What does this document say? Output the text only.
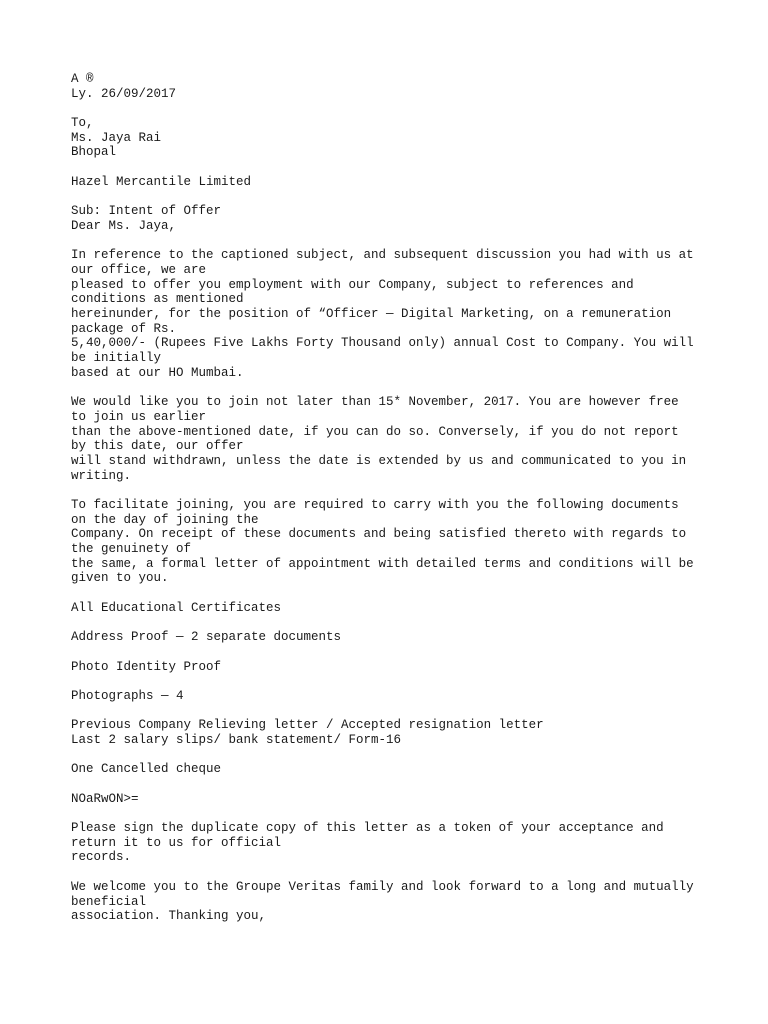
A ®
Ly. 26/09/2017
To,
Ms. Jaya Rai
Bhopal
Hazel Mercantile Limited
Sub: Intent of Offer
Dear Ms. Jaya,
In reference to the captioned subject, and subsequent discussion you had with us at
our office, we are
pleased to offer you employment with our Company, subject to references and
conditions as mentioned
hereinunder, for the position of “Officer — Digital Marketing, on a remuneration
package of Rs.
5,40,000/- (Rupees Five Lakhs Forty Thousand only) annual Cost to Company. You will
be initially
based at our HO Mumbai.
We would like you to join not later than 15* November, 2017. You are however free
to join us earlier
than the above-mentioned date, if you can do so. Conversely, if you do not report
by this date, our offer
will stand withdrawn, unless the date is extended by us and communicated to you in
writing.
To facilitate joining, you are required to carry with you the following documents
on the day of joining the
Company. On receipt of these documents and being satisfied thereto with regards to
the genuinety of
the same, a formal letter of appointment with detailed terms and conditions will be
given to you.
All Educational Certificates
Address Proof — 2 separate documents
Photo Identity Proof
Photographs — 4
Previous Company Relieving letter / Accepted resignation letter
Last 2 salary slips/ bank statement/ Form-16
One Cancelled cheque
NOaRwON>=
Please sign the duplicate copy of this letter as a token of your acceptance and
return it to us for official
records.
We welcome you to the Groupe Veritas family and look forward to a long and mutually
beneficial
association. Thanking you,
